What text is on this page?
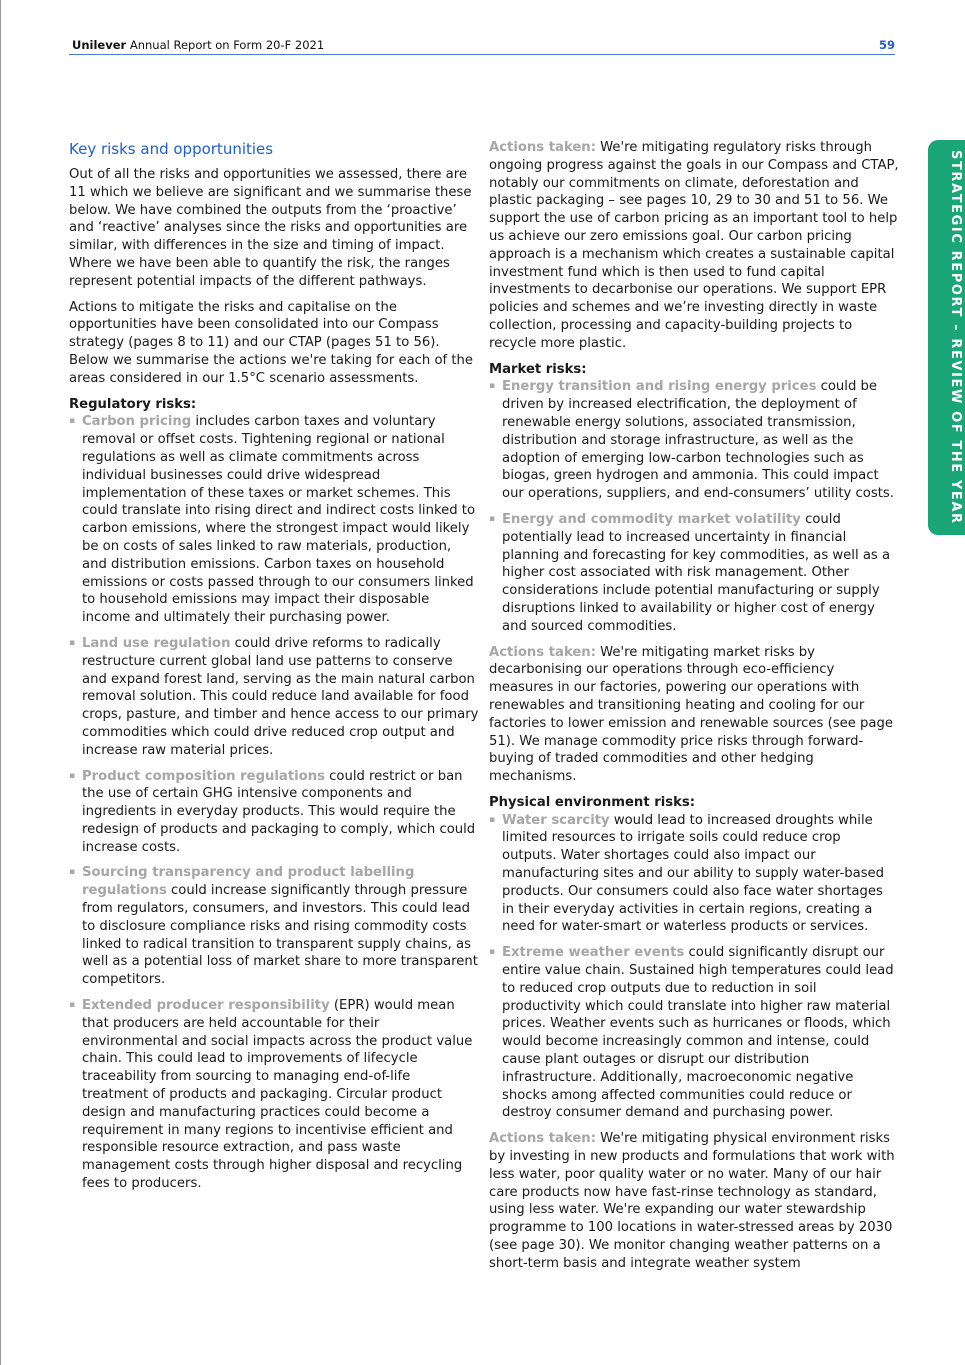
Unilever Annual Report on Form 20-F 2021	59
STRATEGIC REPORT – REVIEW OF THE YEAR
Key risks and opportunities

Out of all the risks and opportunities we assessed, there are 11 which we believe are significant and we summarise these below. We have combined the outputs from the ‘proactive’ and ‘reactive’ analyses since the risks and opportunities are similar, with differences in the size and timing of impact. Where we have been able to quantify the risk, the ranges represent potential impacts of the different pathways.

Actions to mitigate the risks and capitalise on the opportunities have been consolidated into our Compass strategy (pages 8 to 11) and our CTAP (pages 51 to 56). Below we summarise the actions we're taking for each of the areas considered in our 1.5°C scenario assessments.

Regulatory risks:
▪ Carbon pricing includes carbon taxes and voluntary removal or offset costs. Tightening regional or national regulations as well as climate commitments across individual businesses could drive widespread implementation of these taxes or market schemes. This could translate into rising direct and indirect costs linked to carbon emissions, where the strongest impact would likely be on costs of sales linked to raw materials, production, and distribution emissions. Carbon taxes on household emissions or costs passed through to our consumers linked to household emissions may impact their disposable income and ultimately their purchasing power.
▪ Land use regulation could drive reforms to radically restructure current global land use patterns to conserve and expand forest land, serving as the main natural carbon removal solution. This could reduce land available for food crops, pasture, and timber and hence access to our primary commodities which could drive reduced crop output and increase raw material prices.
▪ Product composition regulations could restrict or ban the use of certain GHG intensive components and ingredients in everyday products. This would require the redesign of products and packaging to comply, which could increase costs.
▪ Sourcing transparency and product labelling regulations could increase significantly through pressure from regulators, consumers, and investors. This could lead to disclosure compliance risks and rising commodity costs linked to radical transition to transparent supply chains, as well as a potential loss of market share to more transparent competitors.
▪ Extended producer responsibility (EPR) would mean that producers are held accountable for their environmental and social impacts across the product value chain. This could lead to improvements of lifecycle traceability from sourcing to managing end-of-life treatment of products and packaging. Circular product design and manufacturing practices could become a requirement in many regions to incentivise efficient and responsible resource extraction, and pass waste management costs through higher disposal and recycling fees to producers.

Actions taken: We're mitigating regulatory risks through ongoing progress against the goals in our Compass and CTAP, notably our commitments on climate, deforestation and plastic packaging – see pages 10, 29 to 30 and 51 to 56. We support the use of carbon pricing as an important tool to help us achieve our zero emissions goal. Our carbon pricing approach is a mechanism which creates a sustainable capital investment fund which is then used to fund capital investments to decarbonise our operations. We support EPR policies and schemes and we’re investing directly in waste collection, processing and capacity-building projects to recycle more plastic.

Market risks:
▪ Energy transition and rising energy prices could be driven by increased electrification, the deployment of renewable energy solutions, associated transmission, distribution and storage infrastructure, as well as the adoption of emerging low-carbon technologies such as biogas, green hydrogen and ammonia. This could impact our operations, suppliers, and end-consumers’ utility costs.
▪ Energy and commodity market volatility could potentially lead to increased uncertainty in financial planning and forecasting for key commodities, as well as a higher cost associated with risk management. Other considerations include potential manufacturing or supply disruptions linked to availability or higher cost of energy and sourced commodities.

Actions taken: We're mitigating market risks by decarbonising our operations through eco-efficiency measures in our factories, powering our operations with renewables and transitioning heating and cooling for our factories to lower emission and renewable sources (see page 51). We manage commodity price risks through forward-buying of traded commodities and other hedging mechanisms.

Physical environment risks:
▪ Water scarcity would lead to increased droughts while limited resources to irrigate soils could reduce crop outputs. Water shortages could also impact our manufacturing sites and our ability to supply water-based products. Our consumers could also face water shortages in their everyday activities in certain regions, creating a need for water-smart or waterless products or services.
▪ Extreme weather events could significantly disrupt our entire value chain. Sustained high temperatures could lead to reduced crop outputs due to reduction in soil productivity which could translate into higher raw material prices. Weather events such as hurricanes or floods, which would become increasingly common and intense, could cause plant outages or disrupt our distribution infrastructure. Additionally, macroeconomic negative shocks among affected communities could reduce or destroy consumer demand and purchasing power.

Actions taken: We're mitigating physical environment risks by investing in new products and formulations that work with less water, poor quality water or no water. Many of our hair care products now have fast-rinse technology as standard, using less water. We're expanding our water stewardship programme to 100 locations in water-stressed areas by 2030 (see page 30). We monitor changing weather patterns on a short-term basis and integrate weather system
